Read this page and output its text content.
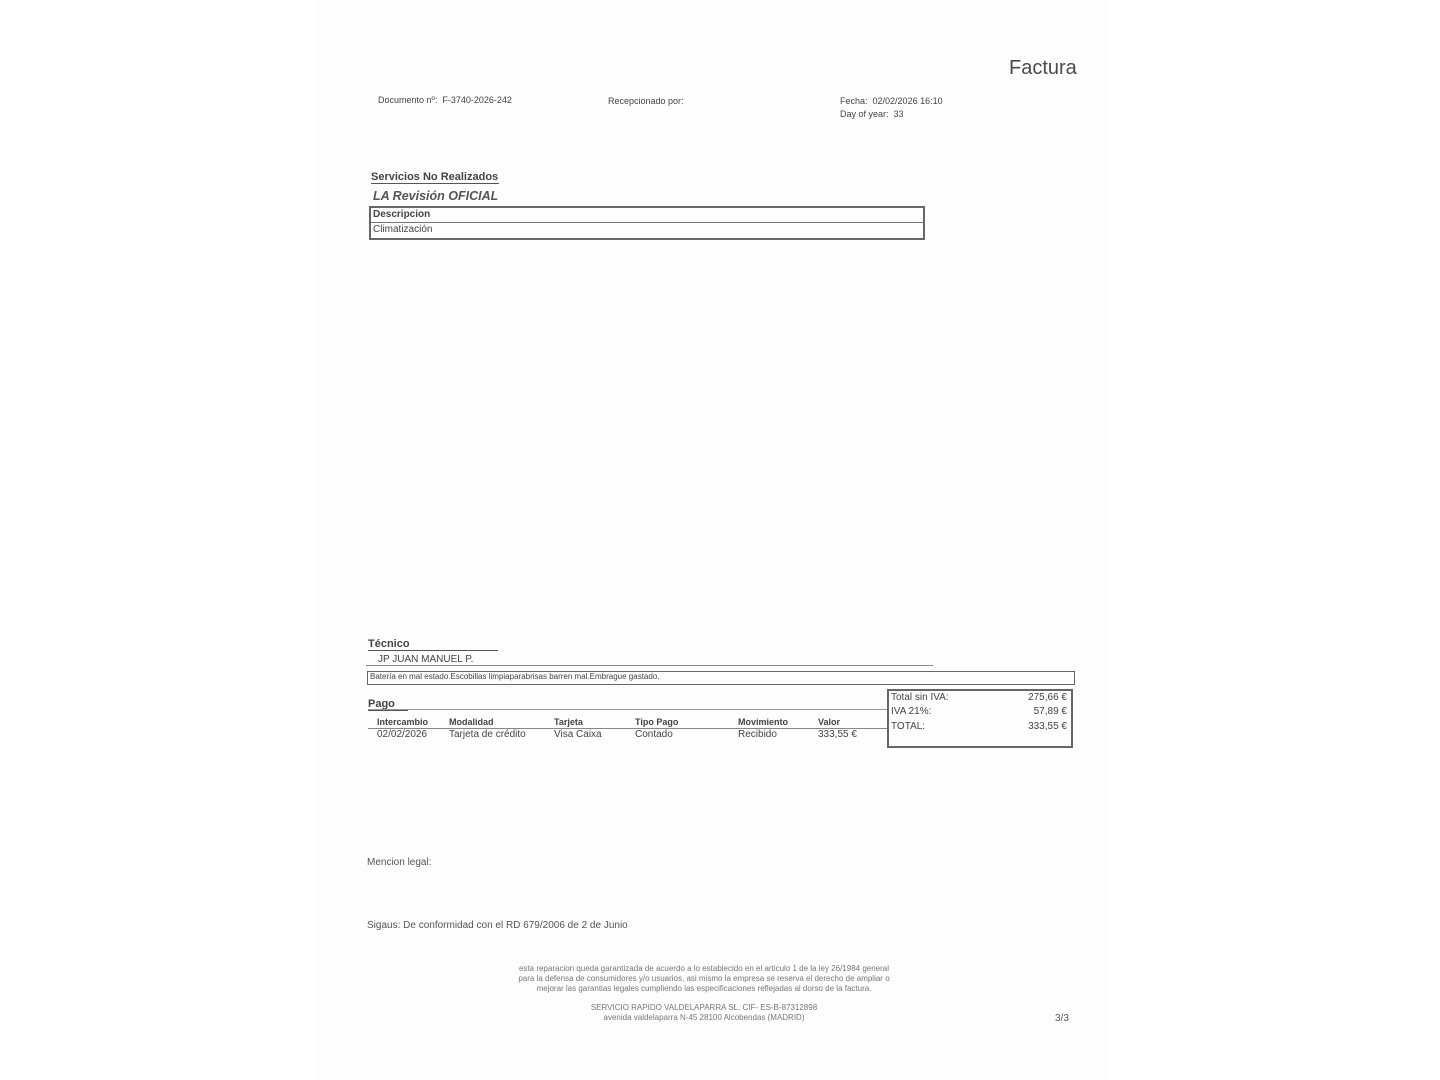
Factura
Documento nº: F-3740-2026-242	Recepcionado por:	Fecha: 02/02/2026 16:10
Day of year: 33
Servicios No Realizados
LA Revisión OFICIAL
Descripcion
Climatización
Técnico
JP JUAN MANUEL P.
Batería en mal estado.Escobillas limpiaparabrisas barren mal.Embrague gastado.
Pago
Intercambio Modalidad	Tarjeta	Tipo Pago	Movimiento	Valor
02/02/2026 Tarjeta de crédito	Visa Caixa	Contado	Recibido	333,55 €
Total sin IVA:	275,66 €
IVA 21%:	57,89 €
TOTAL:	333,55 €
Mencion legal:
Sigaus: De conformidad con el RD 679/2006 de 2 de Junio
esta reparacion queda garantizada de acuerdo a lo establecido en el articulo 1 de la ley 26/1984 general
para la defensa de consumidores y/o usuarios, asi mismo la empresa se reserva el derecho de ampliar o
mejorar las garantias legales cumpliendo las especificaciones reflejadas al dorso de la factura.
SERVICIO RAPIDO VALDELAPARRA SL. CIF- ES-B-87312898
avenida valdelaparra N-45 28100 Alcobendas (MADRID)	3/3
